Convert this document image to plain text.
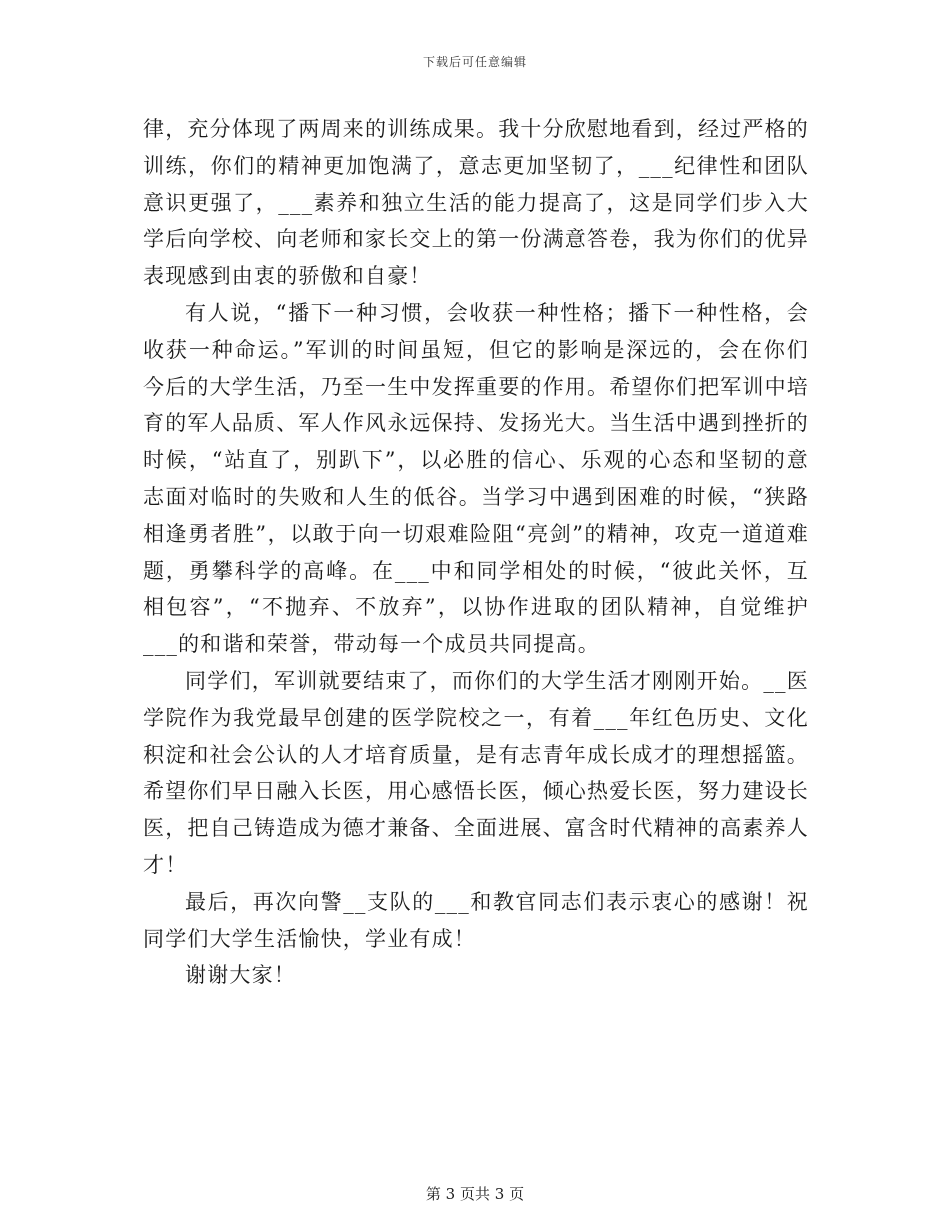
下载后可任意编辑

律，充分体现了两周来的训练成果。我十分欣慰地看到，经过严格的训练，你们的精神更加饱满了，意志更加坚韧了，___纪律性和团队意识更强了，___素养和独立生活的能力提高了，这是同学们步入大学后向学校、向老师和家长交上的第一份满意答卷，我为你们的优异表现感到由衷的骄傲和自豪！

有人说，“播下一种习惯，会收获一种性格；播下一种性格，会收获一种命运。”军训的时间虽短，但它的影响是深远的，会在你们今后的大学生活，乃至一生中发挥重要的作用。希望你们把军训中培育的军人品质、军人作风永远保持、发扬光大。当生活中遇到挫折的时候，“站直了，别趴下”，以必胜的信心、乐观的心态和坚韧的意志面对临时的失败和人生的低谷。当学习中遇到困难的时候，“狭路相逢勇者胜”，以敢于向一切艰难险阻“亮剑”的精神，攻克一道道难题，勇攀科学的高峰。在___中和同学相处的时候，“彼此关怀，互相包容”，“不抛弃、不放弃”，以协作进取的团队精神，自觉维护___的和谐和荣誉，带动每一个成员共同提高。

同学们，军训就要结束了，而你们的大学生活才刚刚开始。__医学院作为我党最早创建的医学院校之一，有着___年红色历史、文化积淀和社会公认的人才培育质量，是有志青年成长成才的理想摇篮。希望你们早日融入长医，用心感悟长医，倾心热爱长医，努力建设长医，把自己铸造成为德才兼备、全面进展、富含时代精神的高素养人才！

最后，再次向警__支队的___和教官同志们表示衷心的感谢！祝同学们大学生活愉快，学业有成！

谢谢大家！

第 3 页共 3 页
